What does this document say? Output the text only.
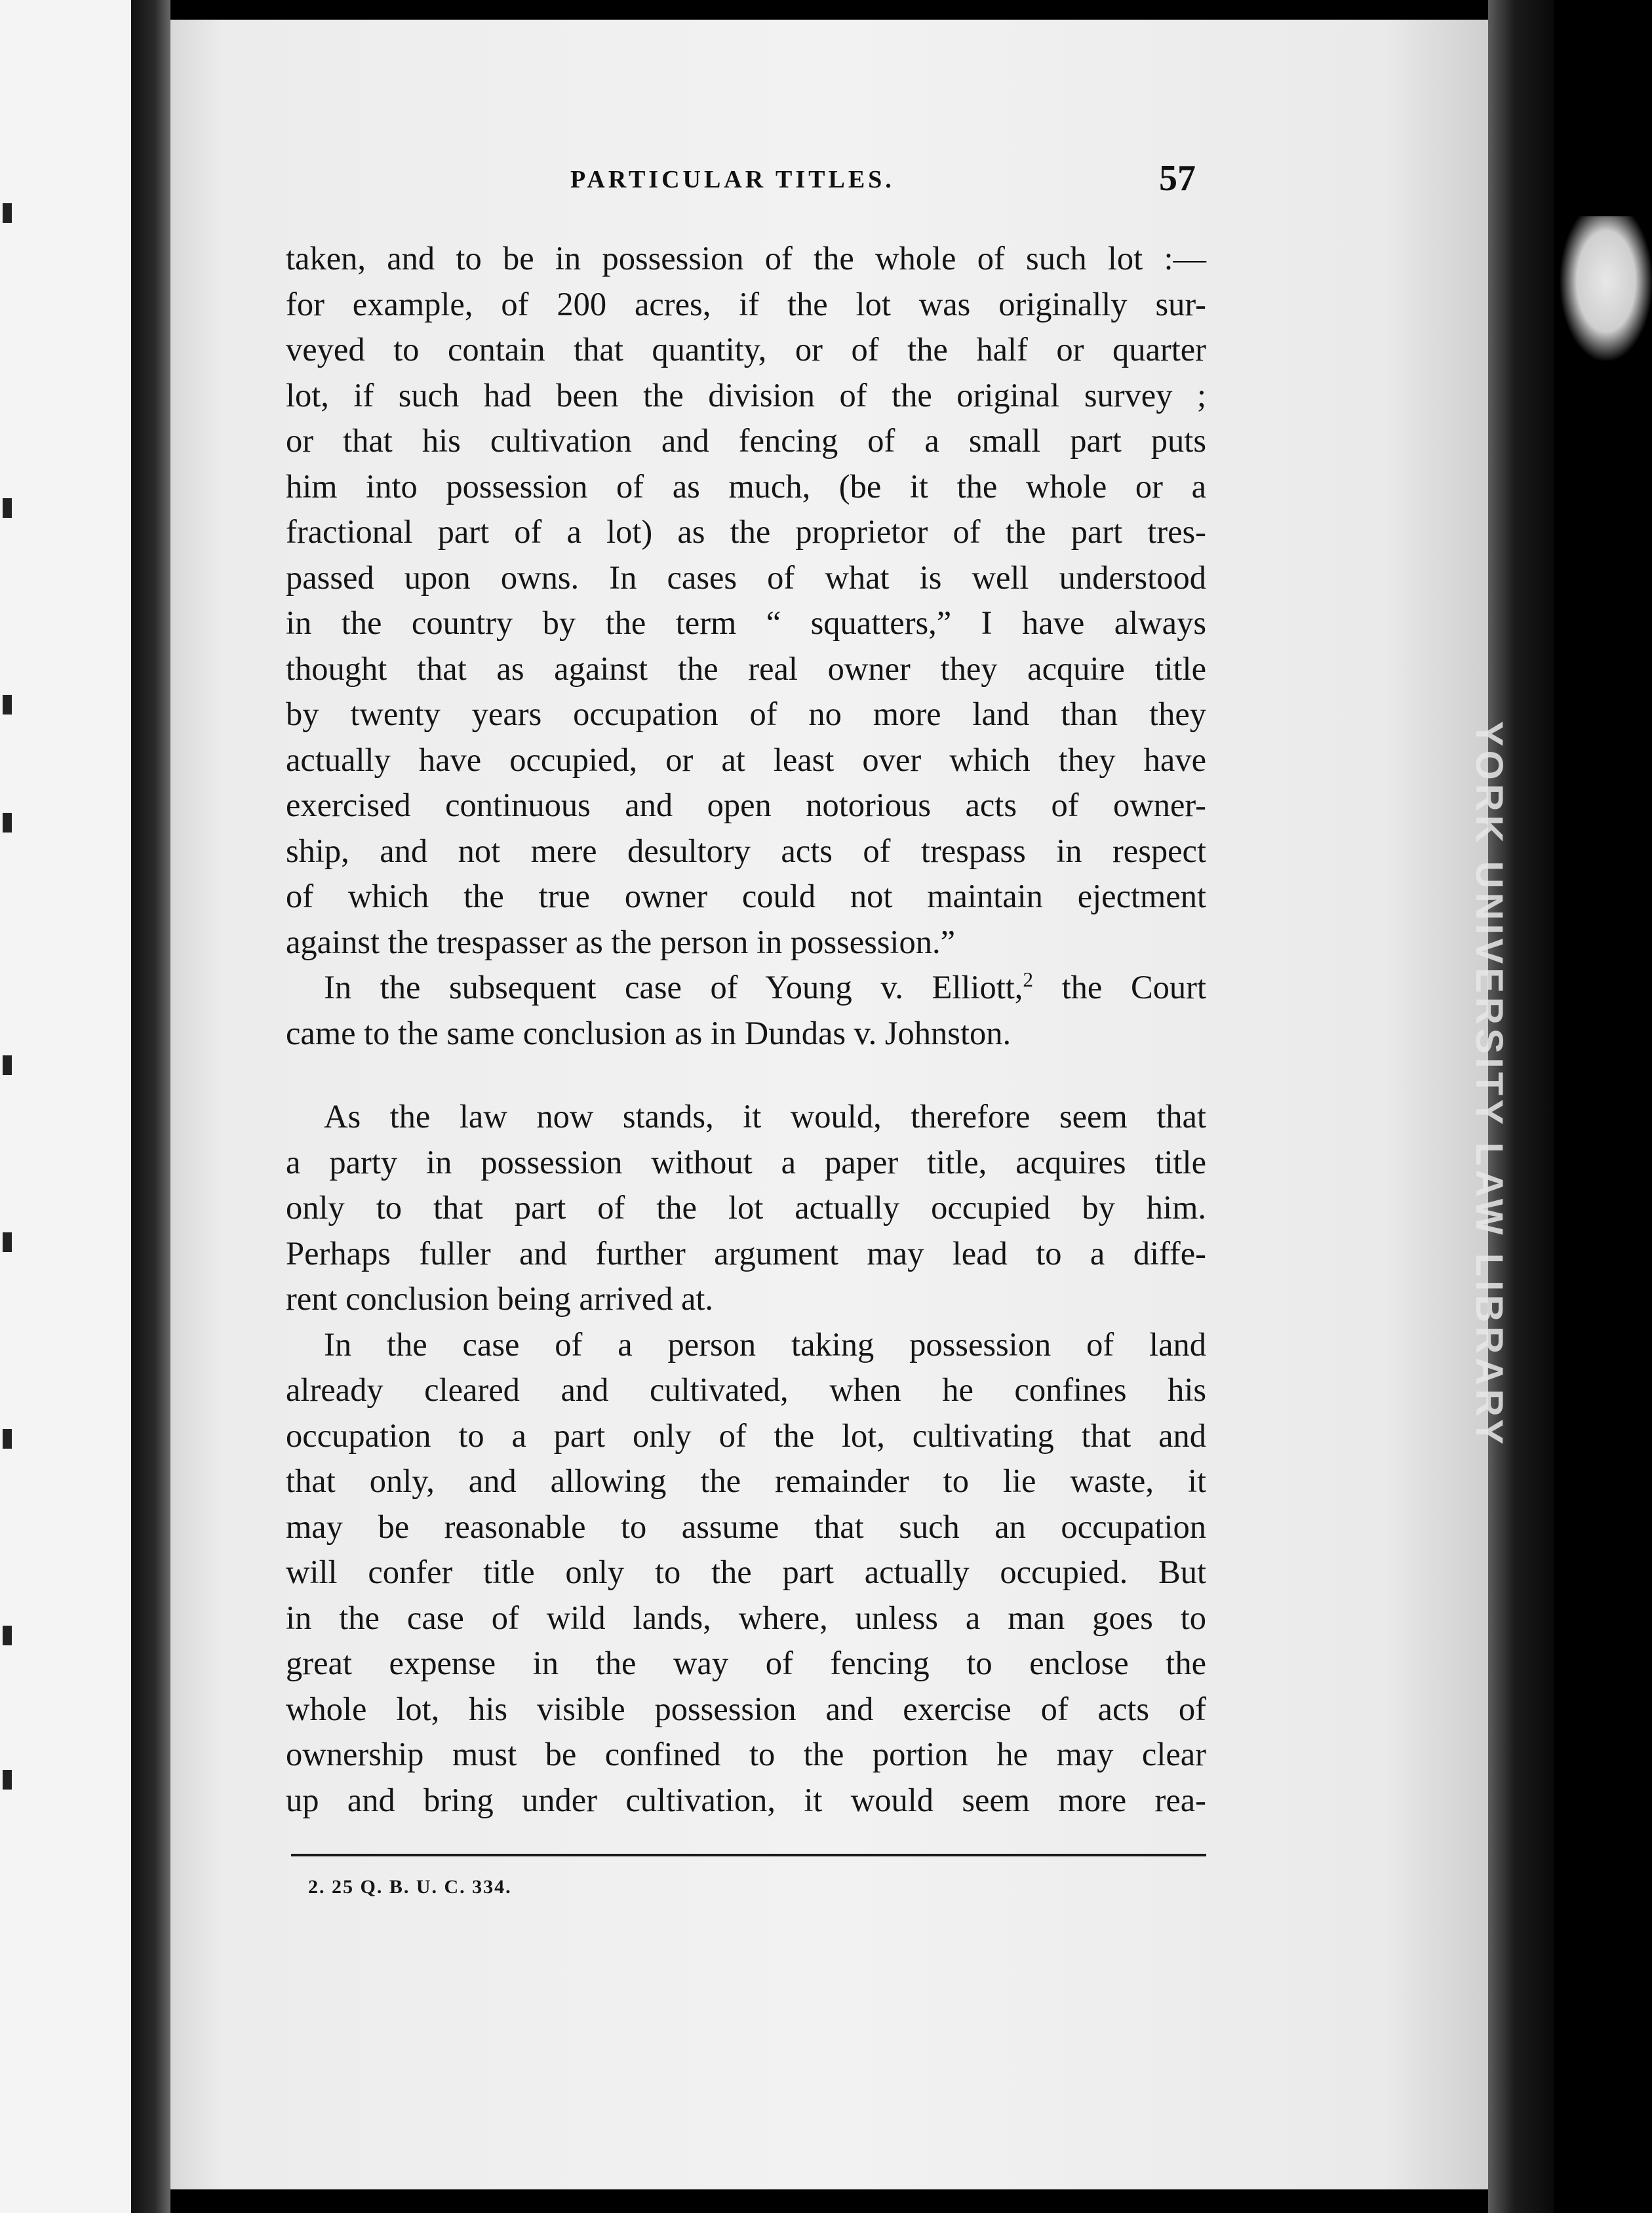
YORK UNIVERSITY LAW LIBRARY
PARTICULAR TITLES.	57
taken, and to be in possession of the whole of such lot :—
for example, of 200 acres, if the lot was originally sur-
veyed to contain that quantity, or of the half or quarter
lot, if such had been the division of the original survey ;
or that his cultivation and fencing of a small part puts
him into possession of as much, (be it the whole or a
fractional part of a lot) as the proprietor of the part tres-
passed upon owns. In cases of what is well understood
in the country by the term “ squatters,” I have always
thought that as against the real owner they acquire title
by twenty years occupation of no more land than they
actually have occupied, or at least over which they have
exercised continuous and open notorious acts of owner-
ship, and not mere desultory acts of trespass in respect
of which the true owner could not maintain ejectment
against the trespasser as the person in possession.”
In the subsequent case of Young v. Elliott,$^2$ the Court
came to the same conclusion as in Dundas v. Johnston.
As the law now stands, it would, therefore seem that
a party in possession without a paper title, acquires title
only to that part of the lot actually occupied by him.
Perhaps fuller and further argument may lead to a diffe-
rent conclusion being arrived at.
In the case of a person taking possession of land
already cleared and cultivated, when he confines his
occupation to a part only of the lot, cultivating that and
that only, and allowing the remainder to lie waste, it
may be reasonable to assume that such an occupation
will confer title only to the part actually occupied. But
in the case of wild lands, where, unless a man goes to
great expense in the way of fencing to enclose the
whole lot, his visible possession and exercise of acts of
ownership must be confined to the portion he may clear
up and bring under cultivation, it would seem more rea-
2. 25 Q. B. U. C. 334.
